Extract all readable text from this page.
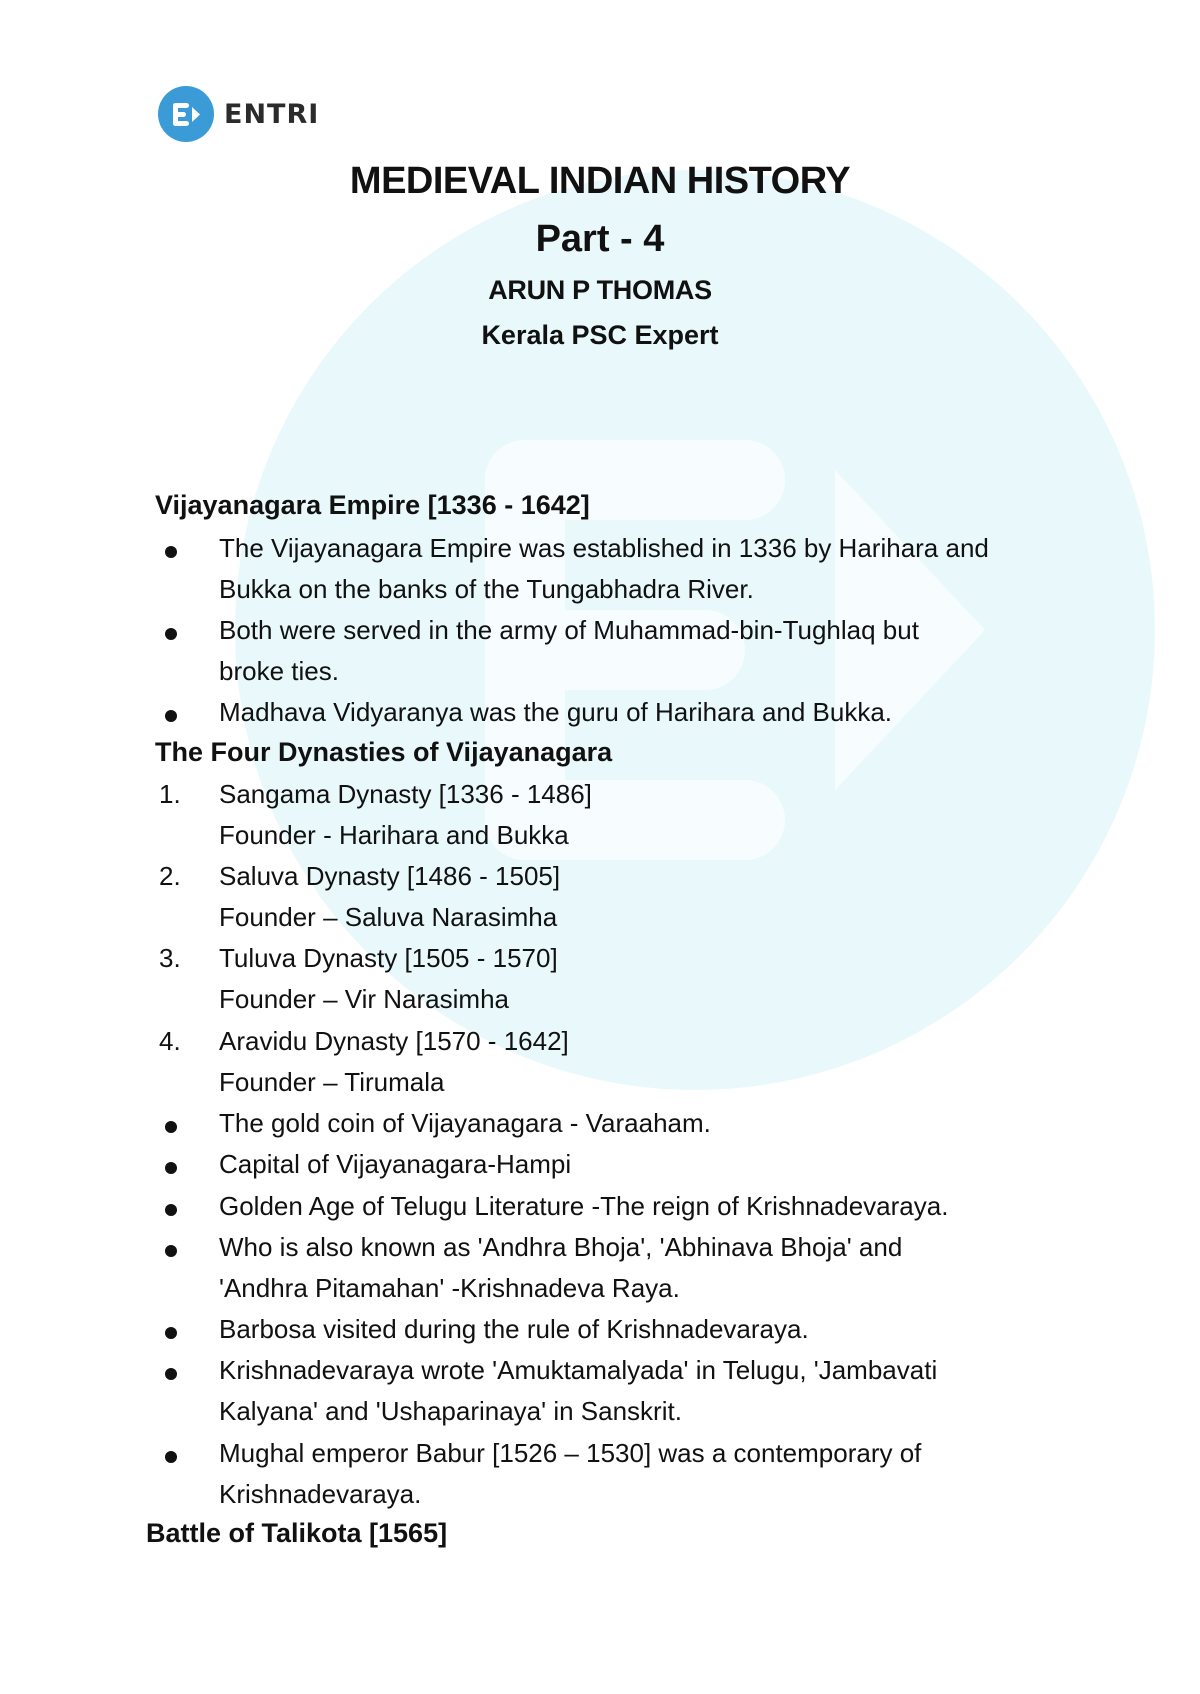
ENTRI
MEDIEVAL INDIAN HISTORY
Part - 4
ARUN P THOMAS
Kerala PSC Expert
Vijayanagara Empire [1336 - 1642]
The Vijayanagara Empire was established in 1336 by Harihara and
Bukka on the banks of the Tungabhadra River.
Both were served in the army of Muhammad-bin-Tughlaq but
broke ties.
Madhava Vidyaranya was the guru of Harihara and Bukka.
The Four Dynasties of Vijayanagara
1. Sangama Dynasty [1336 - 1486]
Founder - Harihara and Bukka
2. Saluva Dynasty [1486 - 1505]
Founder – Saluva Narasimha
3. Tuluva Dynasty [1505 - 1570]
Founder – Vir Narasimha
4. Aravidu Dynasty [1570 - 1642]
Founder – Tirumala
The gold coin of Vijayanagara - Varaaham.
Capital of Vijayanagara-Hampi
Golden Age of Telugu Literature -The reign of Krishnadevaraya.
Who is also known as 'Andhra Bhoja', 'Abhinava Bhoja' and
'Andhra Pitamahan' -Krishnadeva Raya.
Barbosa visited during the rule of Krishnadevaraya.
Krishnadevaraya wrote 'Amuktamalyada' in Telugu, 'Jambavati
Kalyana' and 'Ushaparinaya' in Sanskrit.
Mughal emperor Babur [1526 – 1530] was a contemporary of
Krishnadevaraya.
Battle of Talikota [1565]
